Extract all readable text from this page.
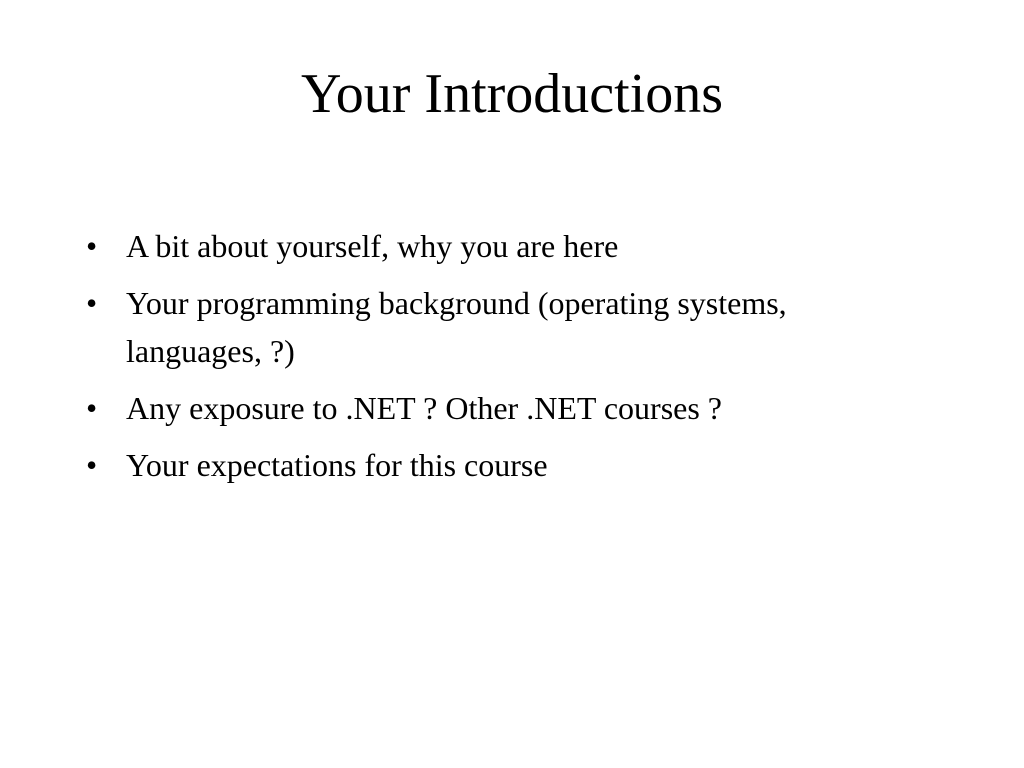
Your Introductions
• A bit about yourself, why you are here
• Your programming background (operating systems, languages, ?)
• Any exposure to .NET ? Other .NET courses ?
• Your expectations for this course
